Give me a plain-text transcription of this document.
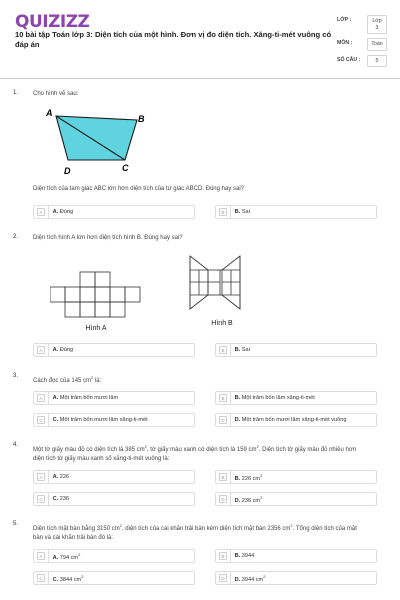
QUIZIZZ
10 bài tập Toán lớp 3: Diện tích của một hình. Đơn vị đo diện tích. Xăng-ti-mét vuông có đáp án
LỚP :	Lớp 3
MÔN :	Toán
SỐ CÂU :	5
1. Cho hình vẽ sau:
A
B
C
D
Diện tích của tam giác ABC lớn hơn diện tích của tứ giác ABCD. Đúng hay sai?
A	A. Đúng	B	B. Sai
2. Diện tích hình A lớn hơn diện tích hình B. Đúng hay sai?
Hình A
Hình B
A	A. Đúng	B	B. Sai
3.
Cách đọc của 145 $cm^2$ là:
A	A. Một trăm bốn mươi lăm	B	B. Một trăm bốn lăm xăng-ti-mét
C	C. Một trăm bốn mươi lăm xăng-ti-mét	D	D. Một trăm bốn mươi lăm xăng-ti-mét vuông
4.
Một tờ giấy màu đỏ có diện tích là 385 $cm^2$, tờ giấy màu xanh có diện tích là 159 $cm^2$. Diện tích tờ giấy màu đỏ nhiều hơn diện tích tờ giấy màu xanh số xăng-ti-mét vuông là:
A	A. 226	B	B. 226 $cm^2$
C	C. 236	D	D. 236 $cm^2$
5.
Diện tích mặt bàn bằng 3150 $cm^2$, diện tích của cái khăn trải bàn kém diện tích mặt bàn 2356 $cm^2$. Tổng diện tích của mặt bàn và cái khăn trải bàn đó là:
A	A. 794 $cm^2$	B	B. 3944
C	C. 3844 $cm^2$	D	D. 3944 $cm^2$
